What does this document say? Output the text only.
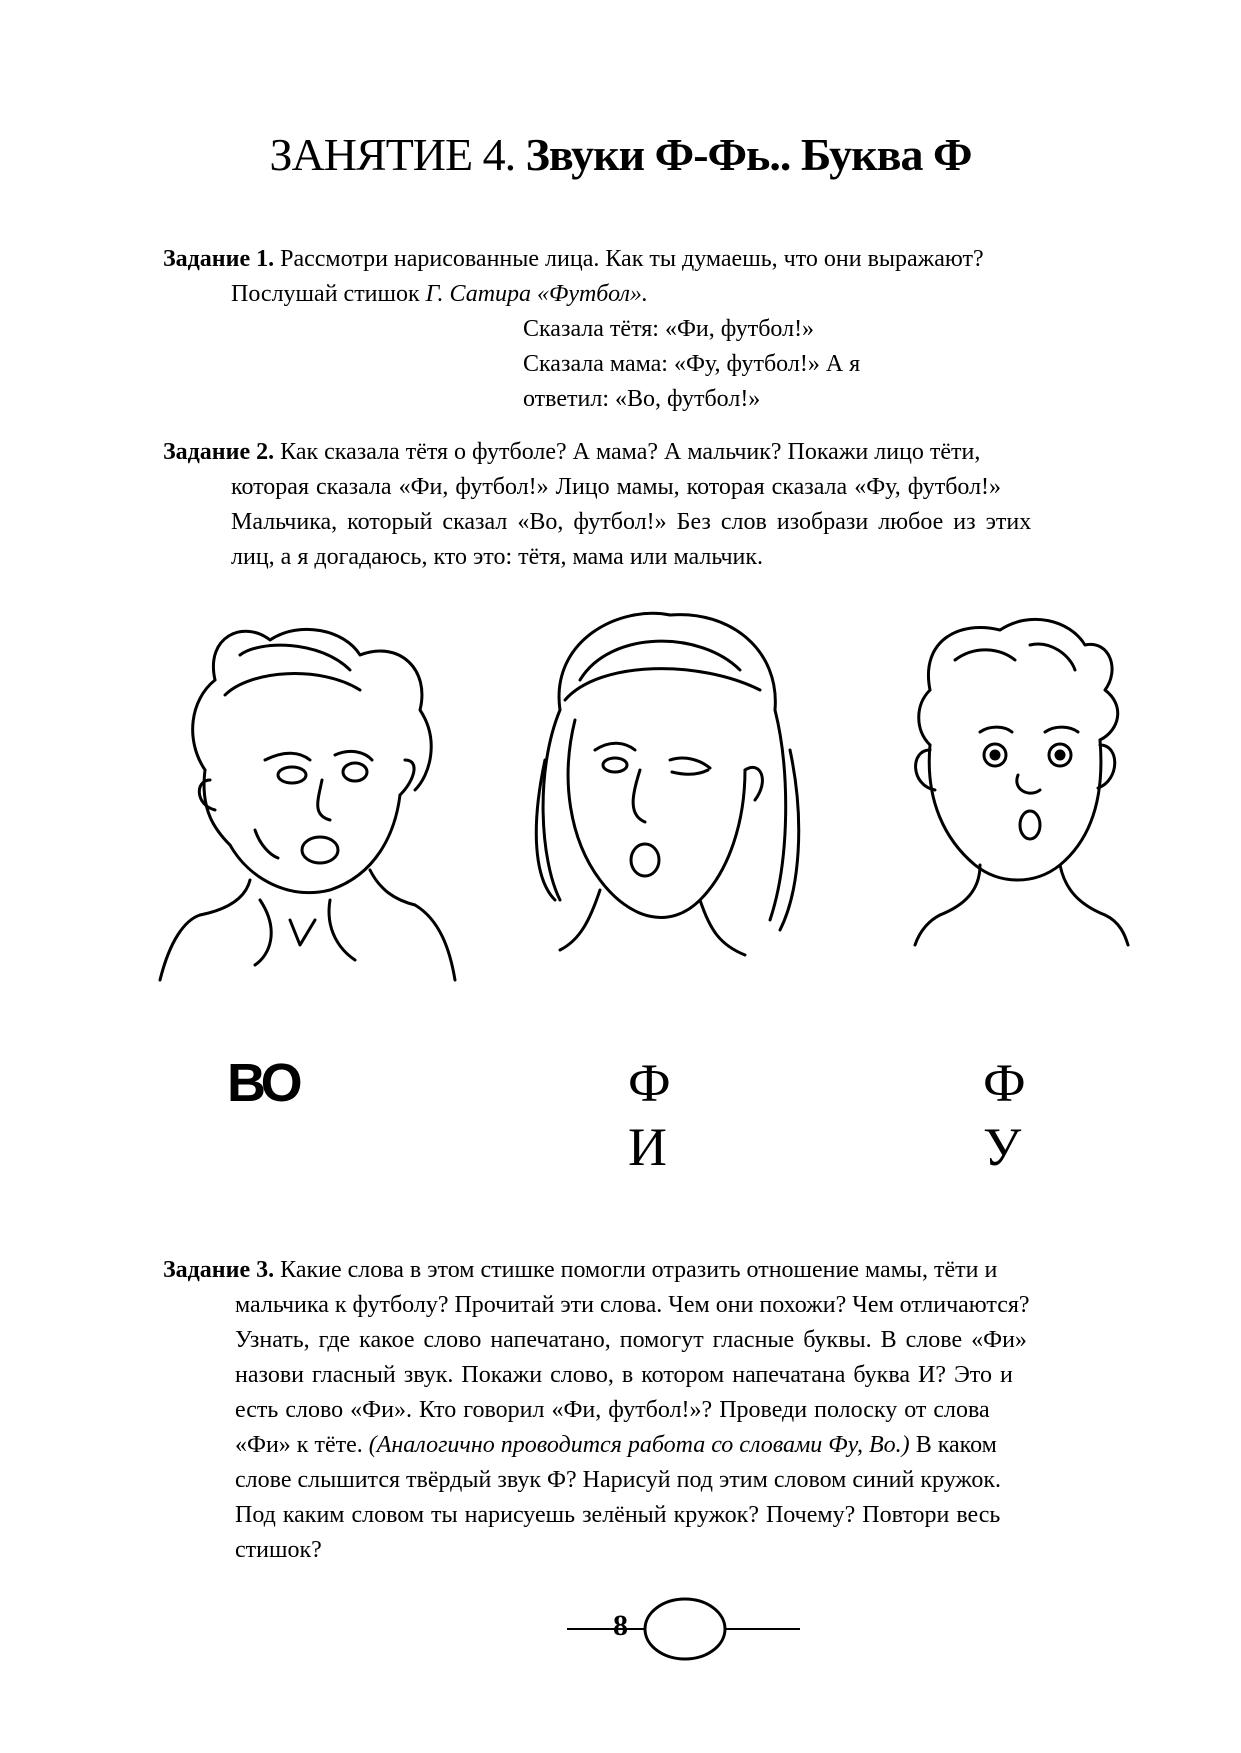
ЗАНЯТИЕ 4. Звуки Ф-Фь.. Буква Ф
Задание 1. Рассмотри нарисованные лица. Как ты думаешь, что они выражают?
Послушай стишок Г. Сатира «Футбол».
Сказала тётя: «Фи, футбол!»
Сказала мама: «Фу, футбол!» А я
ответил: «Во, футбол!»
Задание 2. Как сказала тётя о футболе? А мама? А мальчик? Покажи лицо тёти,
которая сказала «Фи, футбол!» Лицо мамы, которая сказала «Фу, футбол!»
Мальчика, который сказал «Во, футбол!» Без слов изобрази любое из этих
лиц, а я догадаюсь, кто это: тётя, мама или мальчик.
ВО	Ф
И
Ф
У
Задание 3. Какие слова в этом стишке помогли отразить отношение мамы, тёти и
мальчика к футболу? Прочитай эти слова. Чем они похожи? Чем отличаются?
Узнать, где какое слово напечатано, помогут гласные буквы. В слове «Фи»
назови гласный звук. Покажи слово, в котором напечатана буква И? Это и
есть слово «Фи». Кто говорил «Фи, футбол!»? Проведи полоску от слова
«Фи» к тёте. (Аналогично проводится работа со словами Фу, Во.) В каком
слове слышится твёрдый звук Ф? Нарисуй под этим словом синий кружок.
Под каким словом ты нарисуешь зелёный кружок? Почему? Повтори весь
стишок?
8
